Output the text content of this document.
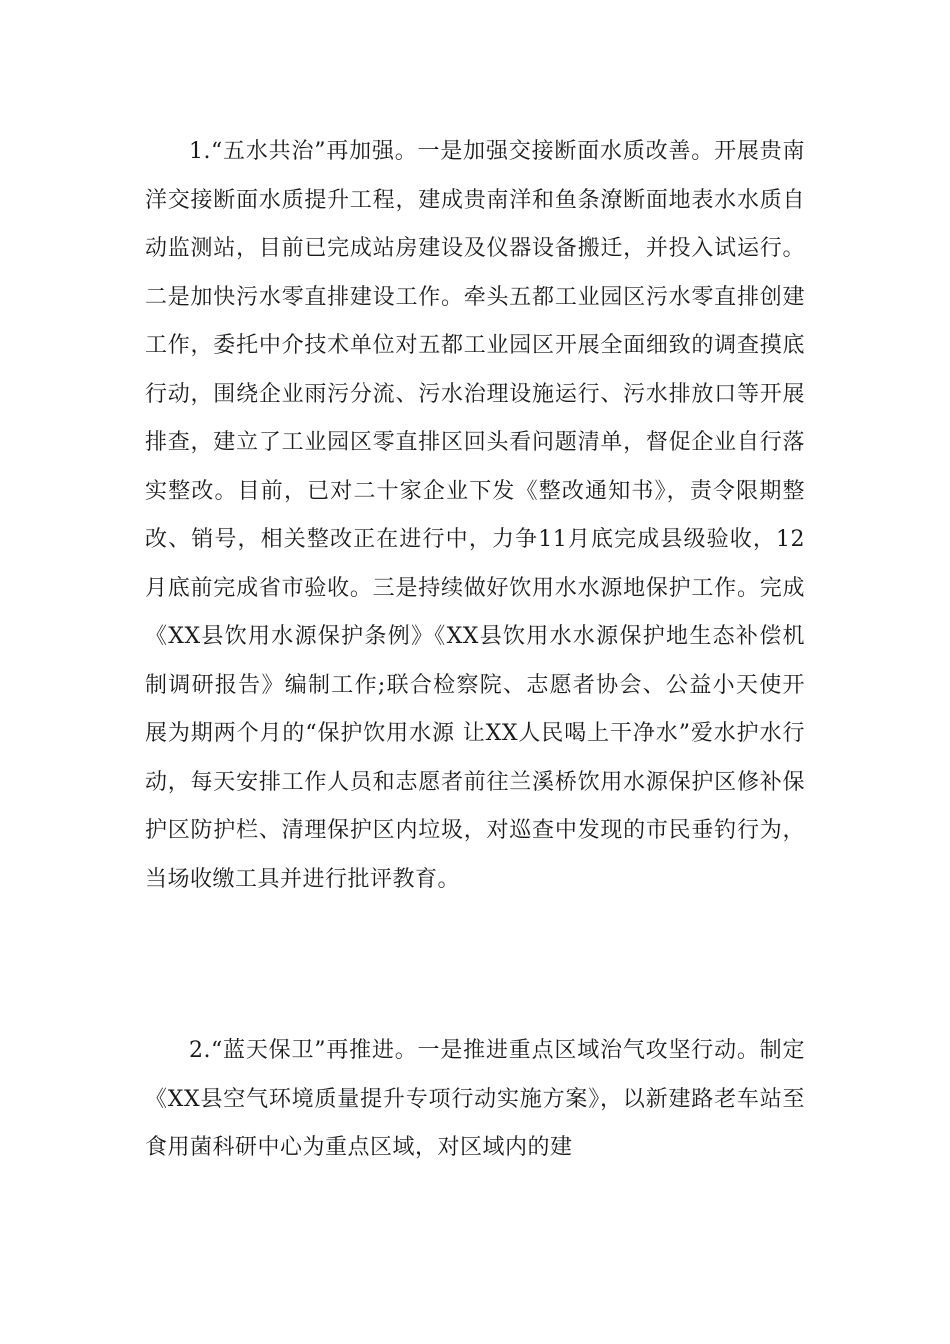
1.“五水共治”再加强。一是加强交接断面水质改善。开展贵南洋交接断面水质提升工程，建成贵南洋和鱼条潦断面地表水水质自动监测站，目前已完成站房建设及仪器设备搬迁，并投入试运行。二是加快污水零直排建设工作。牵头五都工业园区污水零直排创建工作，委托中介技术单位对五都工业园区开展全面细致的调查摸底行动，围绕企业雨污分流、污水治理设施运行、污水排放口等开展排查，建立了工业园区零直排区回头看问题清单，督促企业自行落实整改。目前，已对二十家企业下发《整改通知书》，责令限期整改、销号，相关整改正在进行中，力争11月底完成县级验收，12月底前完成省市验收。三是持续做好饮用水水源地保护工作。完成《XX县饮用水源保护条例》《XX县饮用水水源保护地生态补偿机制调研报告》编制工作;联合检察院、志愿者协会、公益小天使开展为期两个月的“保护饮用水源 让XX人民喝上干净水”爱水护水行动，每天安排工作人员和志愿者前往兰溪桥饮用水源保护区修补保护区防护栏、清理保护区内垃圾，对巡查中发现的市民垂钓行为，当场收缴工具并进行批评教育。

2.“蓝天保卫”再推进。一是推进重点区域治气攻坚行动。制定《XX县空气环境质量提升专项行动实施方案》，以新建路老车站至食用菌科研中心为重点区域，对区域内的建
